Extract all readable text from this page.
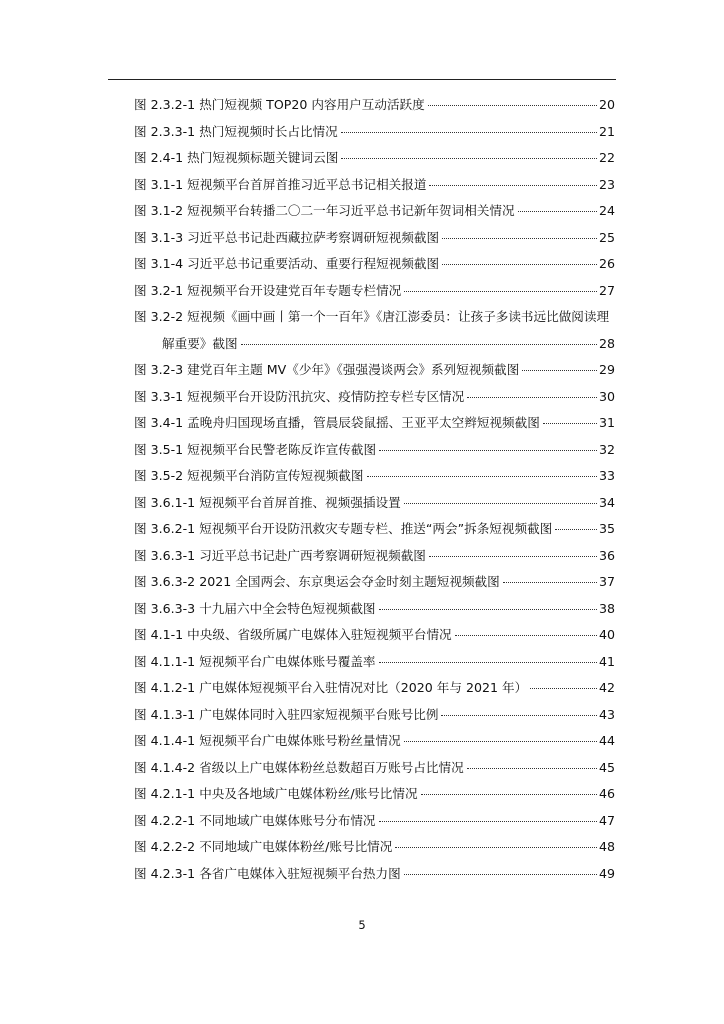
图 2.3.2-1 热门短视频 TOP20 内容用户互动活跃度	20
图 2.3.3-1 热门短视频时长占比情况	21
图 2.4-1 热门短视频标题关键词云图	22
图 3.1-1 短视频平台首屏首推习近平总书记相关报道	23
图 3.1-2 短视频平台转播二〇二一年习近平总书记新年贺词相关情况	24
图 3.1-3 习近平总书记赴西藏拉萨考察调研短视频截图	25
图 3.1-4 习近平总书记重要活动、重要行程短视频截图	26
图 3.2-1 短视频平台开设建党百年专题专栏情况	27
图 3.2-2 短视频《画中画丨第一个一百年》《唐江澎委员：让孩子多读书远比做阅读理
解重要》截图	28
图 3.2-3 建党百年主题 MV《少年》《强强漫谈两会》系列短视频截图	29
图 3.3-1 短视频平台开设防汛抗灾、疫情防控专栏专区情况	30
图 3.4-1 孟晚舟归国现场直播，管晨辰袋鼠摇、王亚平太空辫短视频截图	31
图 3.5-1 短视频平台民警老陈反诈宣传截图	32
图 3.5-2 短视频平台消防宣传短视频截图	33
图 3.6.1-1 短视频平台首屏首推、视频强插设置	34
图 3.6.2-1 短视频平台开设防汛救灾专题专栏、推送“两会”拆条短视频截图	35
图 3.6.3-1 习近平总书记赴广西考察调研短视频截图	36
图 3.6.3-2 2021 全国两会、东京奥运会夺金时刻主题短视频截图	37
图 3.6.3-3 十九届六中全会特色短视频截图	38
图 4.1-1 中央级、省级所属广电媒体入驻短视频平台情况	40
图 4.1.1-1 短视频平台广电媒体账号覆盖率	41
图 4.1.2-1 广电媒体短视频平台入驻情况对比（2020 年与 2021 年）	42
图 4.1.3-1 广电媒体同时入驻四家短视频平台账号比例	43
图 4.1.4-1 短视频平台广电媒体账号粉丝量情况	44
图 4.1.4-2 省级以上广电媒体粉丝总数超百万账号占比情况	45
图 4.2.1-1 中央及各地域广电媒体粉丝/账号比情况	46
图 4.2.2-1 不同地域广电媒体账号分布情况	47
图 4.2.2-2 不同地域广电媒体粉丝/账号比情况	48
图 4.2.3-1 各省广电媒体入驻短视频平台热力图	49
5
